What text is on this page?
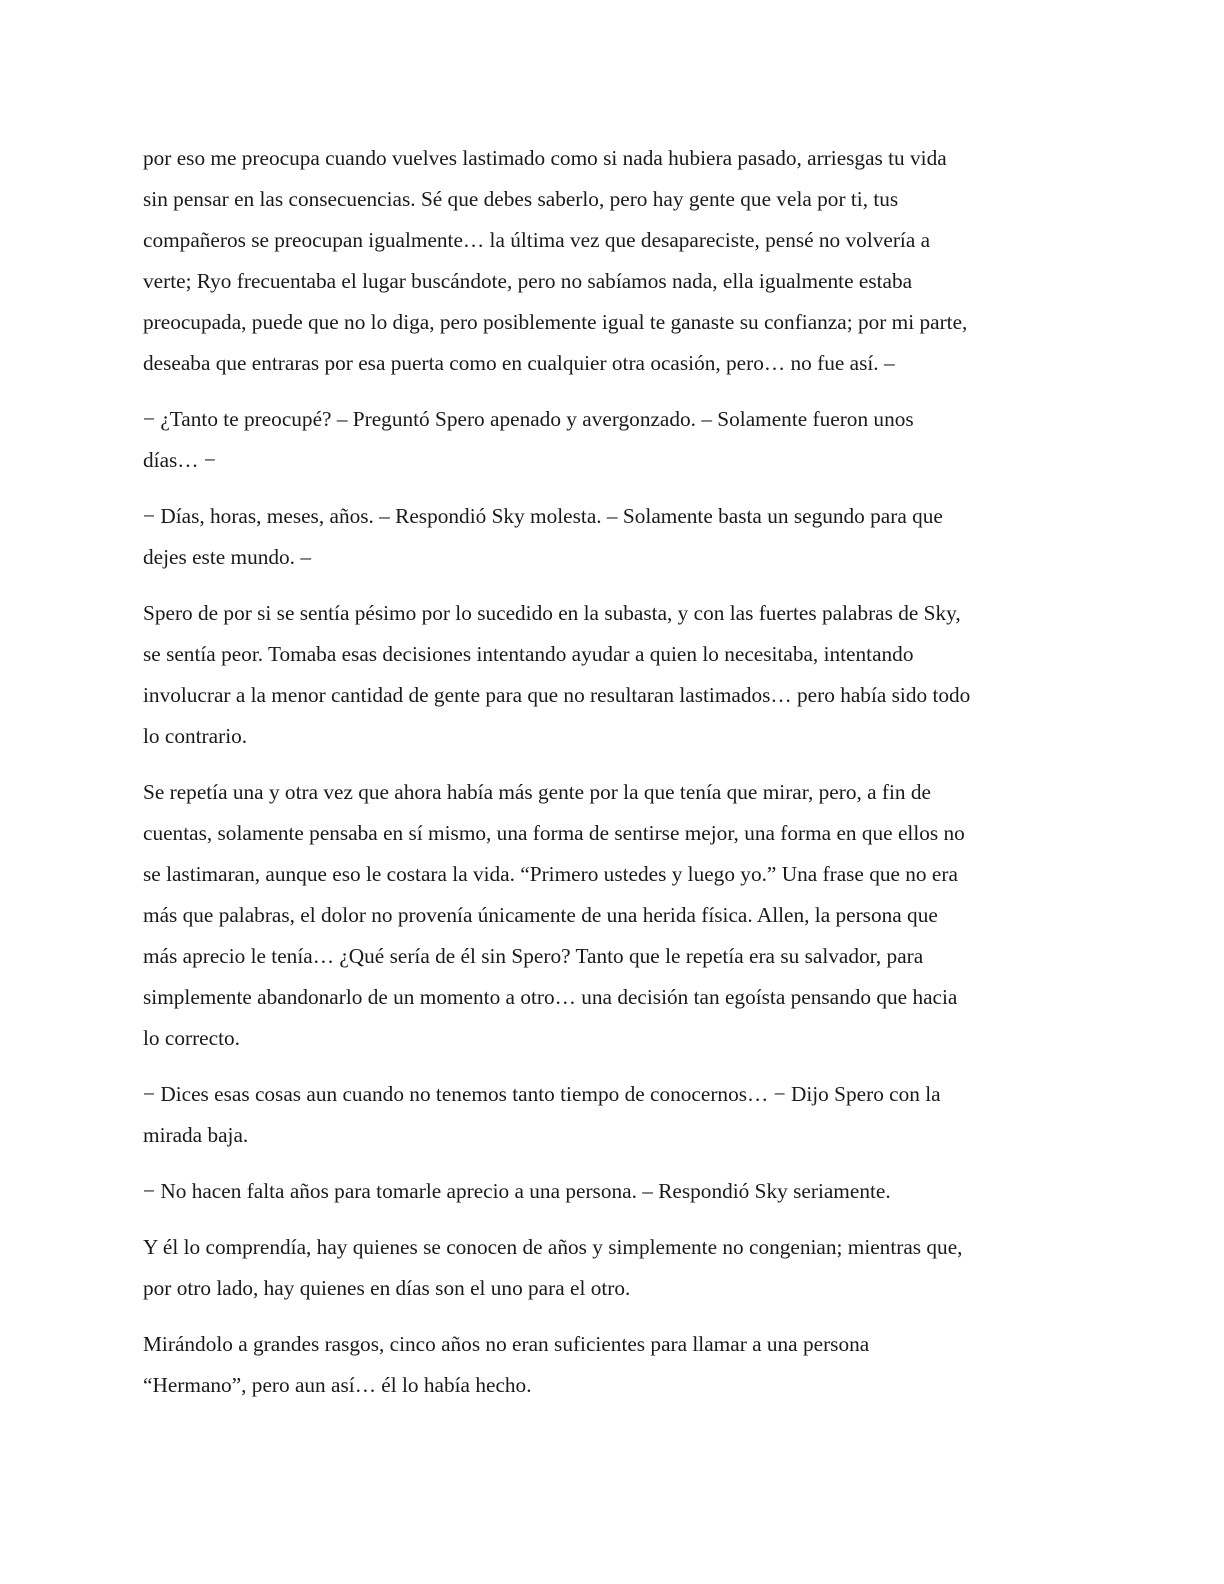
por eso me preocupa cuando vuelves lastimado como si nada hubiera pasado, arriesgas tu vida
sin pensar en las consecuencias. Sé que debes saberlo, pero hay gente que vela por ti, tus
compañeros se preocupan igualmente… la última vez que desapareciste, pensé no volvería a
verte; Ryo frecuentaba el lugar buscándote, pero no sabíamos nada, ella igualmente estaba
preocupada, puede que no lo diga, pero posiblemente igual te ganaste su confianza; por mi parte,
deseaba que entraras por esa puerta como en cualquier otra ocasión, pero… no fue así. –

− ¿Tanto te preocupé? – Preguntó Spero apenado y avergonzado. – Solamente fueron unos
días… −

− Días, horas, meses, años. – Respondió Sky molesta. – Solamente basta un segundo para que
dejes este mundo. –

Spero de por si se sentía pésimo por lo sucedido en la subasta, y con las fuertes palabras de Sky,
se sentía peor. Tomaba esas decisiones intentando ayudar a quien lo necesitaba, intentando
involucrar a la menor cantidad de gente para que no resultaran lastimados… pero había sido todo
lo contrario.

Se repetía una y otra vez que ahora había más gente por la que tenía que mirar, pero, a fin de
cuentas, solamente pensaba en sí mismo, una forma de sentirse mejor, una forma en que ellos no
se lastimaran, aunque eso le costara la vida. “Primero ustedes y luego yo.” Una frase que no era
más que palabras, el dolor no provenía únicamente de una herida física. Allen, la persona que
más aprecio le tenía… ¿Qué sería de él sin Spero? Tanto que le repetía era su salvador, para
simplemente abandonarlo de un momento a otro… una decisión tan egoísta pensando que hacia
lo correcto.

− Dices esas cosas aun cuando no tenemos tanto tiempo de conocernos… − Dijo Spero con la
mirada baja.

− No hacen falta años para tomarle aprecio a una persona. – Respondió Sky seriamente.

Y él lo comprendía, hay quienes se conocen de años y simplemente no congenian; mientras que,
por otro lado, hay quienes en días son el uno para el otro.

Mirándolo a grandes rasgos, cinco años no eran suficientes para llamar a una persona
“Hermano”, pero aun así… él lo había hecho.
